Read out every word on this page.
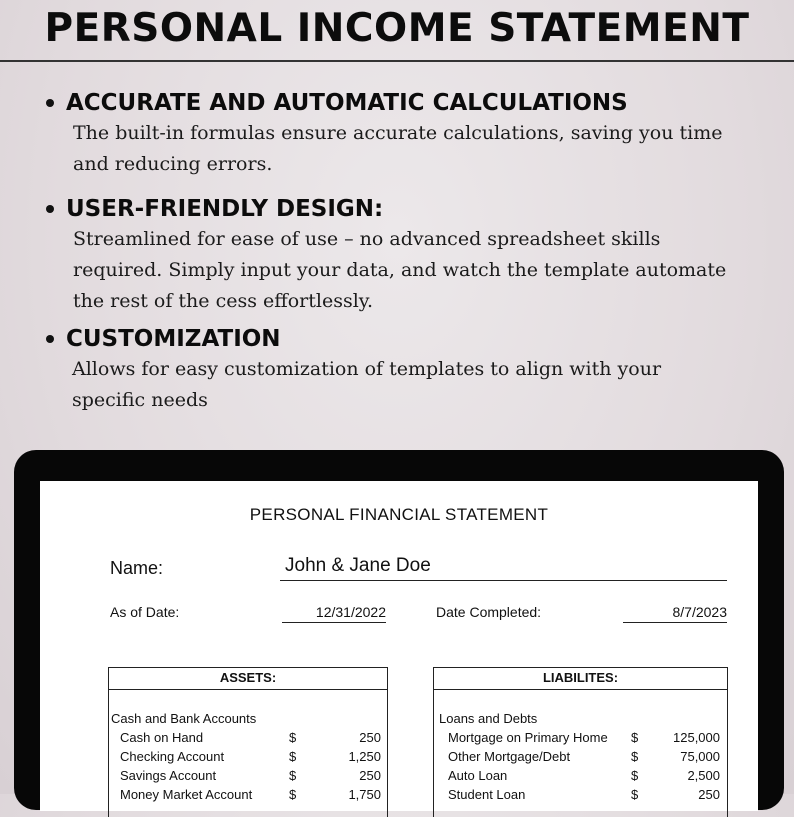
PERSONAL INCOME STATEMENT
ACCURATE AND AUTOMATIC CALCULATIONS
The built-in formulas ensure accurate calculations, saving you time
and reducing errors.
USER-FRIENDLY DESIGN:
Streamlined for ease of use – no advanced spreadsheet skills
required. Simply input your data, and watch the template automate
the rest of the cess effortlessly.
CUSTOMIZATION
Allows for easy customization of templates to align with your
specific needs
PERSONAL FINANCIAL STATEMENT
Name:	John & Jane Doe
As of Date:	12/31/2022	Date Completed:	8/7/2023
ASSETS:
Cash and Bank Accounts
Cash on Hand	$	250
Checking Account	$	1,250
Savings Account	$	250
Money Market Account	$	1,750
LIABILITES:
Loans and Debts
Mortgage on Primary Home $	125,000
Other Mortgage/Debt	$	75,000
Auto Loan	$	2,500
Student Loan	$	250
